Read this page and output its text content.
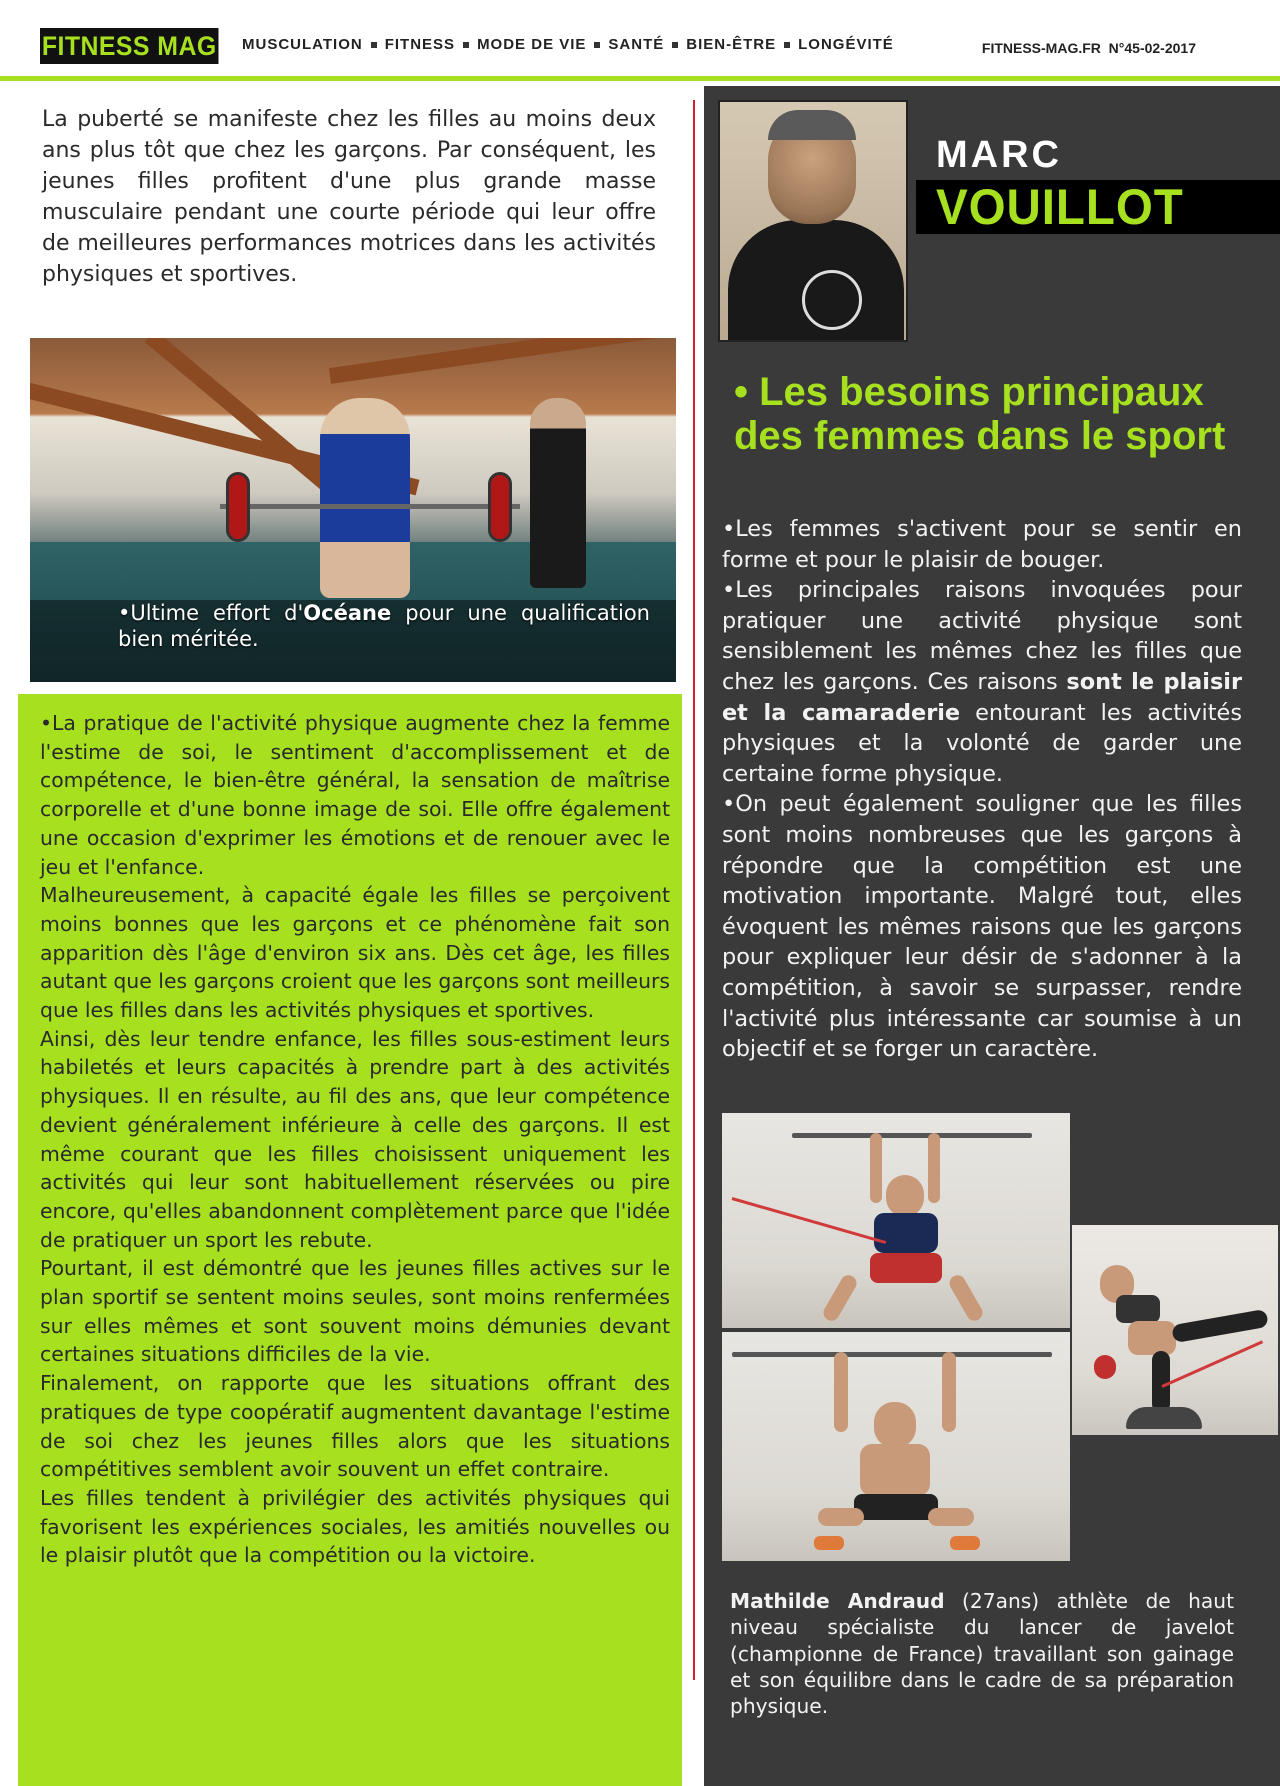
FITNESS MAG MUSCULATION FITNESS MODE DE VIE SANTÉ BIEN-ÊTRE LONGÉVITÉ	FITNESS-MAG.FR  N°45-02-2017
La puberté se manifeste chez les filles au moins deux ans plus tôt que chez les garçons. Par conséquent, les jeunes filles profitent d'une plus grande masse musculaire pendant une courte période qui leur offre de meilleures performances motrices dans les activités physiques et sportives.
•Ultime effort d'Océane pour une qualification bien méritée.

•La pratique de l'activité physique augmente chez la femme l'estime de soi, le sentiment d'accomplissement et de compétence, le bien-être général, la sensation de maîtrise corporelle et d'une bonne image de soi. Elle offre également une occasion d'exprimer les émotions et de renouer avec le jeu et l'enfance.

Malheureusement, à capacité égale les filles se perçoivent moins bonnes que les garçons et ce phénomène fait son apparition dès l'âge d'environ six ans. Dès cet âge, les filles autant que les garçons croient que les garçons sont meilleurs que les filles dans les activités physiques et sportives.

Ainsi, dès leur tendre enfance, les filles sous-estiment leurs habiletés et leurs capacités à prendre part à des activités physiques. Il en résulte, au fil des ans, que leur compétence devient généralement inférieure à celle des garçons. Il est même courant que les filles choisissent uniquement les activités qui leur sont habituellement réservées ou pire encore, qu'elles abandonnent complètement parce que l'idée de pratiquer un sport les rebute.

Pourtant, il est démontré que les jeunes filles actives sur le plan sportif se sentent moins seules, sont moins renfermées sur elles mêmes et sont souvent moins démunies devant certaines situations difficiles de la vie.

Finalement, on rapporte que les situations offrant des pratiques de type coopératif augmentent davantage l'estime de soi chez les jeunes filles alors que les situations compétitives semblent avoir souvent un effet contraire.

Les filles tendent à privilégier des activités physiques qui favorisent les expériences sociales, les amitiés nouvelles ou le plaisir plutôt que la compétition ou la victoire.

MARC
VOUILLOT
• Les besoins principaux des femmes dans le sport

•Les femmes s'activent pour se sentir en forme et pour le plaisir de bouger.

•Les principales raisons invoquées pour pratiquer une activité physique sont sensiblement les mêmes chez les filles que chez les garçons. Ces raisons sont le plaisir et la camaraderie entourant les activités physiques et la volonté de garder une certaine forme physique.

•On peut également souligner que les filles sont moins nombreuses que les garçons à répondre que la compétition est une motivation importante. Malgré tout, elles évoquent les mêmes raisons que les garçons pour expliquer leur désir de s'adonner à la compétition, à savoir se surpasser, rendre l'activité plus intéressante car soumise à un objectif et se forger un caractère.

Mathilde Andraud (27ans) athlète de haut niveau spécialiste du lancer de javelot (championne de France) travaillant son gainage et son équilibre dans le cadre de sa préparation physique.
